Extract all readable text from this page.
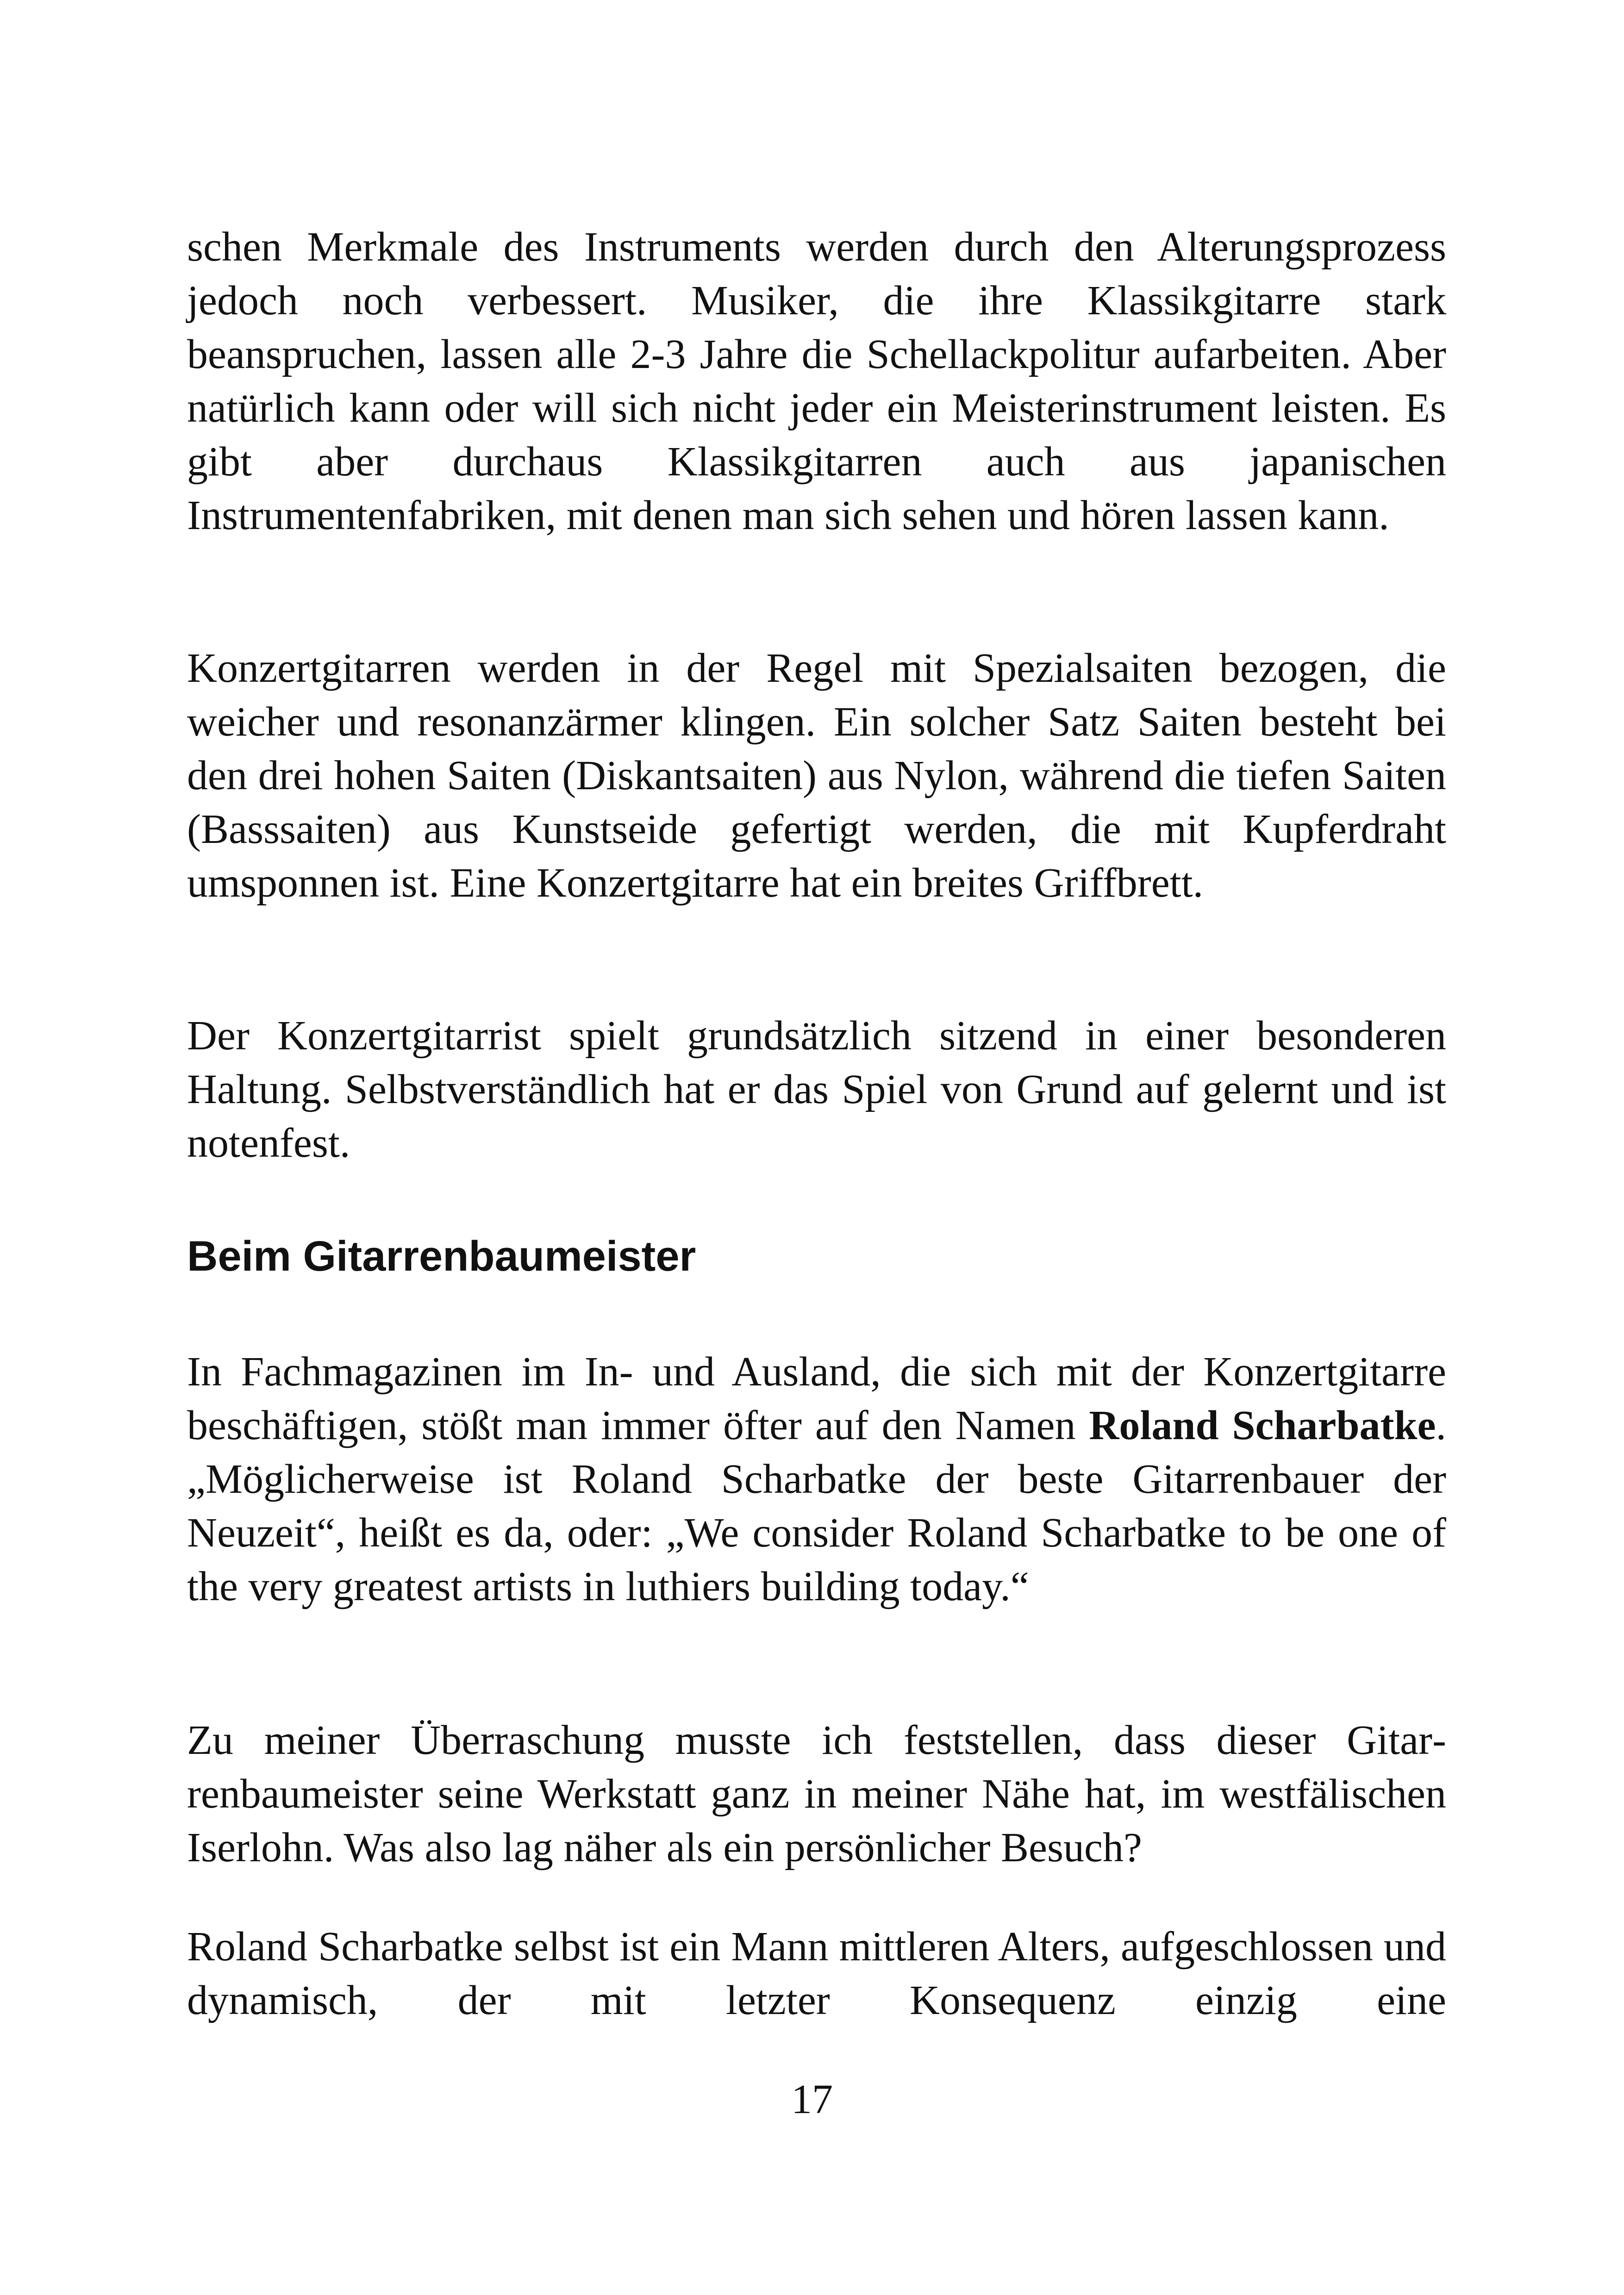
schen Merkmale des Instruments werden durch den Alterungsprozess jedoch noch verbessert. Musiker, die ihre Klassikgitarre stark beanspruchen, lassen alle 2-3 Jahre die Schellackpolitur aufarbeiten. Aber natürlich kann oder will sich nicht jeder ein Meisterinstrument leisten. Es gibt aber durchaus Klassikgitarren auch aus japanischen Instrumentenfabriken, mit denen man sich sehen und hören lassen kann.

Konzertgitarren werden in der Regel mit Spezialsaiten bezogen, die weicher und resonanzärmer klingen. Ein solcher Satz Saiten besteht bei den drei hohen Saiten (Diskantsaiten) aus Nylon, während die tiefen Saiten (Basssaiten) aus Kunstseide gefertigt werden, die mit Kupferdraht umsponnen ist. Eine Konzertgitarre hat ein breites Griffbrett.

Der Konzertgitarrist spielt grundsätzlich sitzend in einer besonderen Haltung. Selbstverständlich hat er das Spiel von Grund auf gelernt und ist notenfest.

Beim Gitarrenbaumeister

In Fachmagazinen im In- und Ausland, die sich mit der Konzertgitarre beschäftigen, stößt man immer öfter auf den Namen Roland Scharbatke. „Möglicherweise ist Roland Scharbatke der beste Gitarrenbauer der Neuzeit“, heißt es da, oder: „We consider Roland Scharbatke to be one of the very greatest artists in luthiers building today.“

Zu meiner Überraschung musste ich feststellen, dass dieser Gitarrenbaumeister seine Werkstatt ganz in meiner Nähe hat, im westfälischen Iserlohn. Was also lag näher als ein persönlicher Besuch?

Roland Scharbatke selbst ist ein Mann mittleren Alters, aufgeschlossen und dynamisch, der mit letzter Konsequenz einzig eine

17
